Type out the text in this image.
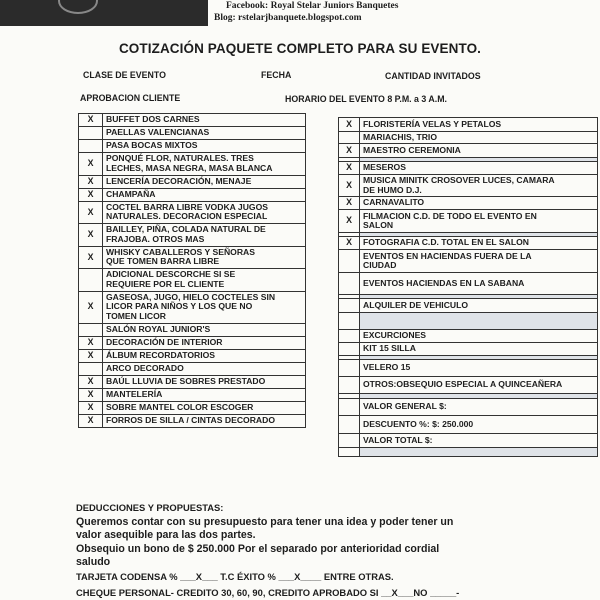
Facebook: Royal Stelar Juniors Banquetes
Blog: rstelarjbanquete.blogspot.com
COTIZACIÓN PAQUETE COMPLETO PARA SU EVENTO.
CLASE DE EVENTO	FECHA	CANTIDAD INVITADOS
APROBACION CLIENTE	HORARIO DEL EVENTO 8 P.M. a 3 A.M.
X	BUFFET DOS CARNES
	PAELLAS VALENCIANAS
	PASA BOCAS MIXTOS
X	PONQUÉ FLOR, NATURALES. TRES
LECHES, MASA NEGRA, MASA BLANCA
X	LENCERÍA DECORACIÓN, MENAJE
X	CHAMPAÑA
X	COCTEL BARRA LIBRE VODKA JUGOS
NATURALES. DECORACION ESPECIAL
X	BAILLEY, PIÑA, COLADA NATURAL DE
FRAJOBA. OTROS MAS
X	WHISKY CABALLEROS Y SEÑORAS
QUE TOMEN BARRA LIBRE
	ADICIONAL DESCORCHE SI SE
REQUIERE POR EL CLIENTE
X	GASEOSA, JUGO, HIELO COCTELES SIN
LICOR PARA NIÑOS Y LOS QUE NO
TOMEN LICOR
	SALÓN ROYAL JUNIOR'S
X	DECORACIÓN DE INTERIOR
X	ÁLBUM RECORDATORIOS
	ARCO DECORADO
X	BAÚL LLUVIA DE SOBRES PRESTADO
X	MANTELERÍA
X	SOBRE MANTEL COLOR ESCOGER
X	FORROS DE SILLA / CINTAS DECORADO
X	FLORISTERÍA VELAS Y PETALOS
	MARIACHIS, TRIO
X	MAESTRO CEREMONIA

X	MESEROS
X	MUSICA MINITK CROSOVER LUCES, CAMARA
DE HUMO D.J.
X	CARNAVALITO
X	FILMACION C.D. DE TODO EL EVENTO EN
SALON

X	FOTOGRAFIA C.D. TOTAL EN EL SALON
	EVENTOS EN HACIENDAS FUERA DE LA
CIUDAD
	EVENTOS HACIENDAS EN LA SABANA

	ALQUILER DE VEHICULO

	EXCURCIONES
	KIT 15 SILLA

	VELERO 15
	OTROS:OBSEQUIO ESPECIAL A QUINCEAÑERA

	VALOR GENERAL $:
	DESCUENTO %: $: 250.000
	VALOR TOTAL $:

DEDUCCIONES Y PROPUESTAS:
Queremos contar con su presupuesto para tener una idea y poder tener un
valor asequible para las dos partes.
Obsequio un bono de $ 250.000 Por el separado por anterioridad cordial
saludo
TARJETA CODENSA % ___X___ T.C ÉXITO % ___X____ ENTRE OTRAS.
CHEQUE PERSONAL- CREDITO 30, 60, 90, CREDITO APROBADO SI __X___NO _____-
